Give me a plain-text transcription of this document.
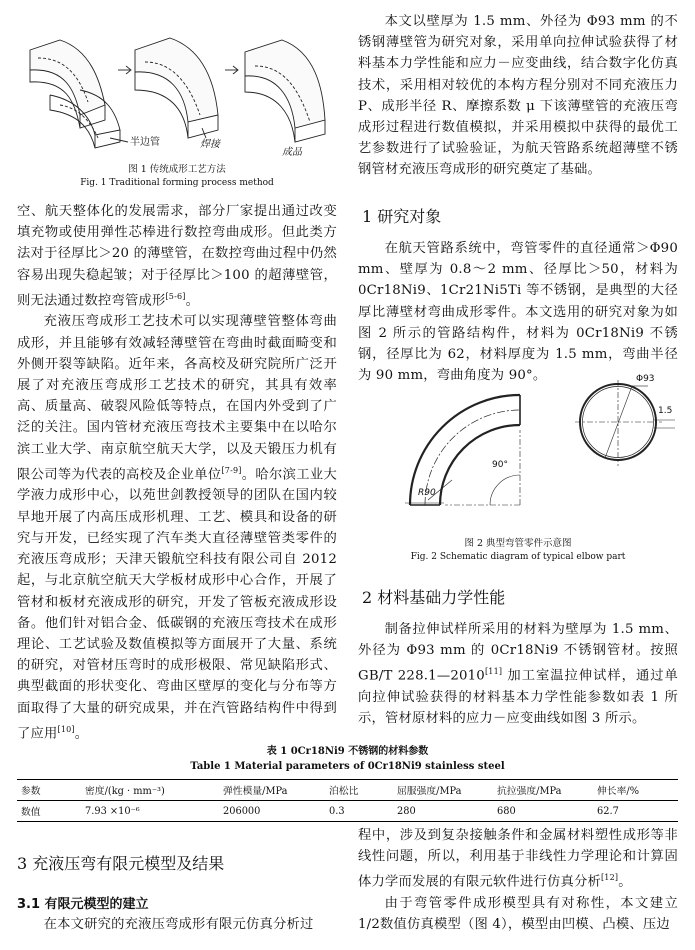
半边管	焊接
成品

图 1 传统成形工艺方法

Fig. 1 Traditional forming process method

空、航天整体化的发展需求，部分厂家提出通过改变填充物或使用弹性芯棒进行数控弯曲成形。但此类方法对于径厚比＞20 的薄壁管，在数控弯曲过程中仍然容易出现失稳起皱；对于径厚比＞100 的超薄壁管，则无法通过数控弯管成形[5-6]。

充液压弯成形工艺技术可以实现薄壁管整体弯曲成形，并且能够有效减轻薄壁管在弯曲时截面畸变和外侧开裂等缺陷。近年来，各高校及研究院所广泛开展了对充液压弯成形工艺技术的研究，其具有效率高、质量高、破裂风险低等特点，在国内外受到了广泛的关注。国内管材充液压弯技术主要集中在以哈尔滨工业大学、南京航空航天大学，以及天锻压力机有限公司等为代表的高校及企业单位[7-9]。哈尔滨工业大学液力成形中心，以苑世剑教授领导的团队在国内较早地开展了内高压成形机理、工艺、模具和设备的研究与开发，已经实现了汽车类大直径薄壁管类零件的充液压弯成形；天津天锻航空科技有限公司自 2012 起，与北京航空航天大学板材成形中心合作，开展了管材和板材充液成形的研究，开发了管板充液成形设备。他们针对铝合金、低碳钢的充液压弯技术在成形理论、工艺试验及数值模拟等方面展开了大量、系统的研究，对管材压弯时的成形极限、常见缺陷形式、典型截面的形状变化、弯曲区壁厚的变化与分布等方面取得了大量的研究成果，并在汽管路结构件中得到了应用[10]。

本文以壁厚为 1.5 mm、外径为 Φ93 mm 的不锈钢薄壁管为研究对象，采用单向拉伸试验获得了材料基本力学性能和应力－应变曲线，结合数字化仿真技术，采用相对较优的本构方程分别对不同充液压力 P、成形半径 R、摩擦系数 μ 下该薄壁管的充液压弯成形过程进行数值模拟，并采用模拟中获得的最优工艺参数进行了试验验证，为航天管路系统超薄壁不锈钢管材充液压弯成形的研究奠定了基础。

1 研究对象

在航天管路系统中，弯管零件的直径通常＞Φ90 mm、壁厚为 0.8～2 mm、径厚比＞50，材料为 0Cr18Ni9、1Cr21Ni5Ti 等不锈钢，是典型的大径厚比薄壁材弯曲成形零件。本文选用的研究对象为如图 2 所示的管路结构件，材料为 0Cr18Ni9 不锈钢，径厚比为 62，材料厚度为 1.5 mm，弯曲半径为 90 mm，弯曲角度为 90°。	Φ93
1.5
90°
R90

图 2 典型弯管零件示意图

Fig. 2 Schematic diagram of typical elbow part

2 材料基础力学性能

制备拉伸试样所采用的材料为壁厚为 1.5 mm、外径为 Φ93 mm 的 0Cr18Ni9 不锈钢管材。按照 GB/T 228.1—2010[11] 加工室温拉伸试样，通过单向拉伸试验获得的材料基本力学性能参数如表 1 所示，管材原材料的应力－应变曲线如图 3 所示。

表 1 0Cr18Ni9 不锈钢的材料参数

Table 1 Material parameters of 0Cr18Ni9 stainless steel

参数	密度/(kg · mm⁻³)	弹性模量/MPa	泊松比	屈服强度/MPa	抗拉强度/MPa	伸长率/%
数值	7.93 ×10⁻⁶	206000	0.3	280	680	62.7

3 充液压弯有限元模型及结果

3.1 有限元模型的建立

在本文研究的充液压弯成形有限元仿真分析过

程中，涉及到复杂接触条件和金属材料塑性成形等非线性问题，所以，利用基于非线性力学理论和计算固体力学而发展的有限元软件进行仿真分析[12]。

由于弯管零件成形模型具有对称性，本文建立 1/2数值仿真模型（图 4），模型由凹模、凸模、压边
